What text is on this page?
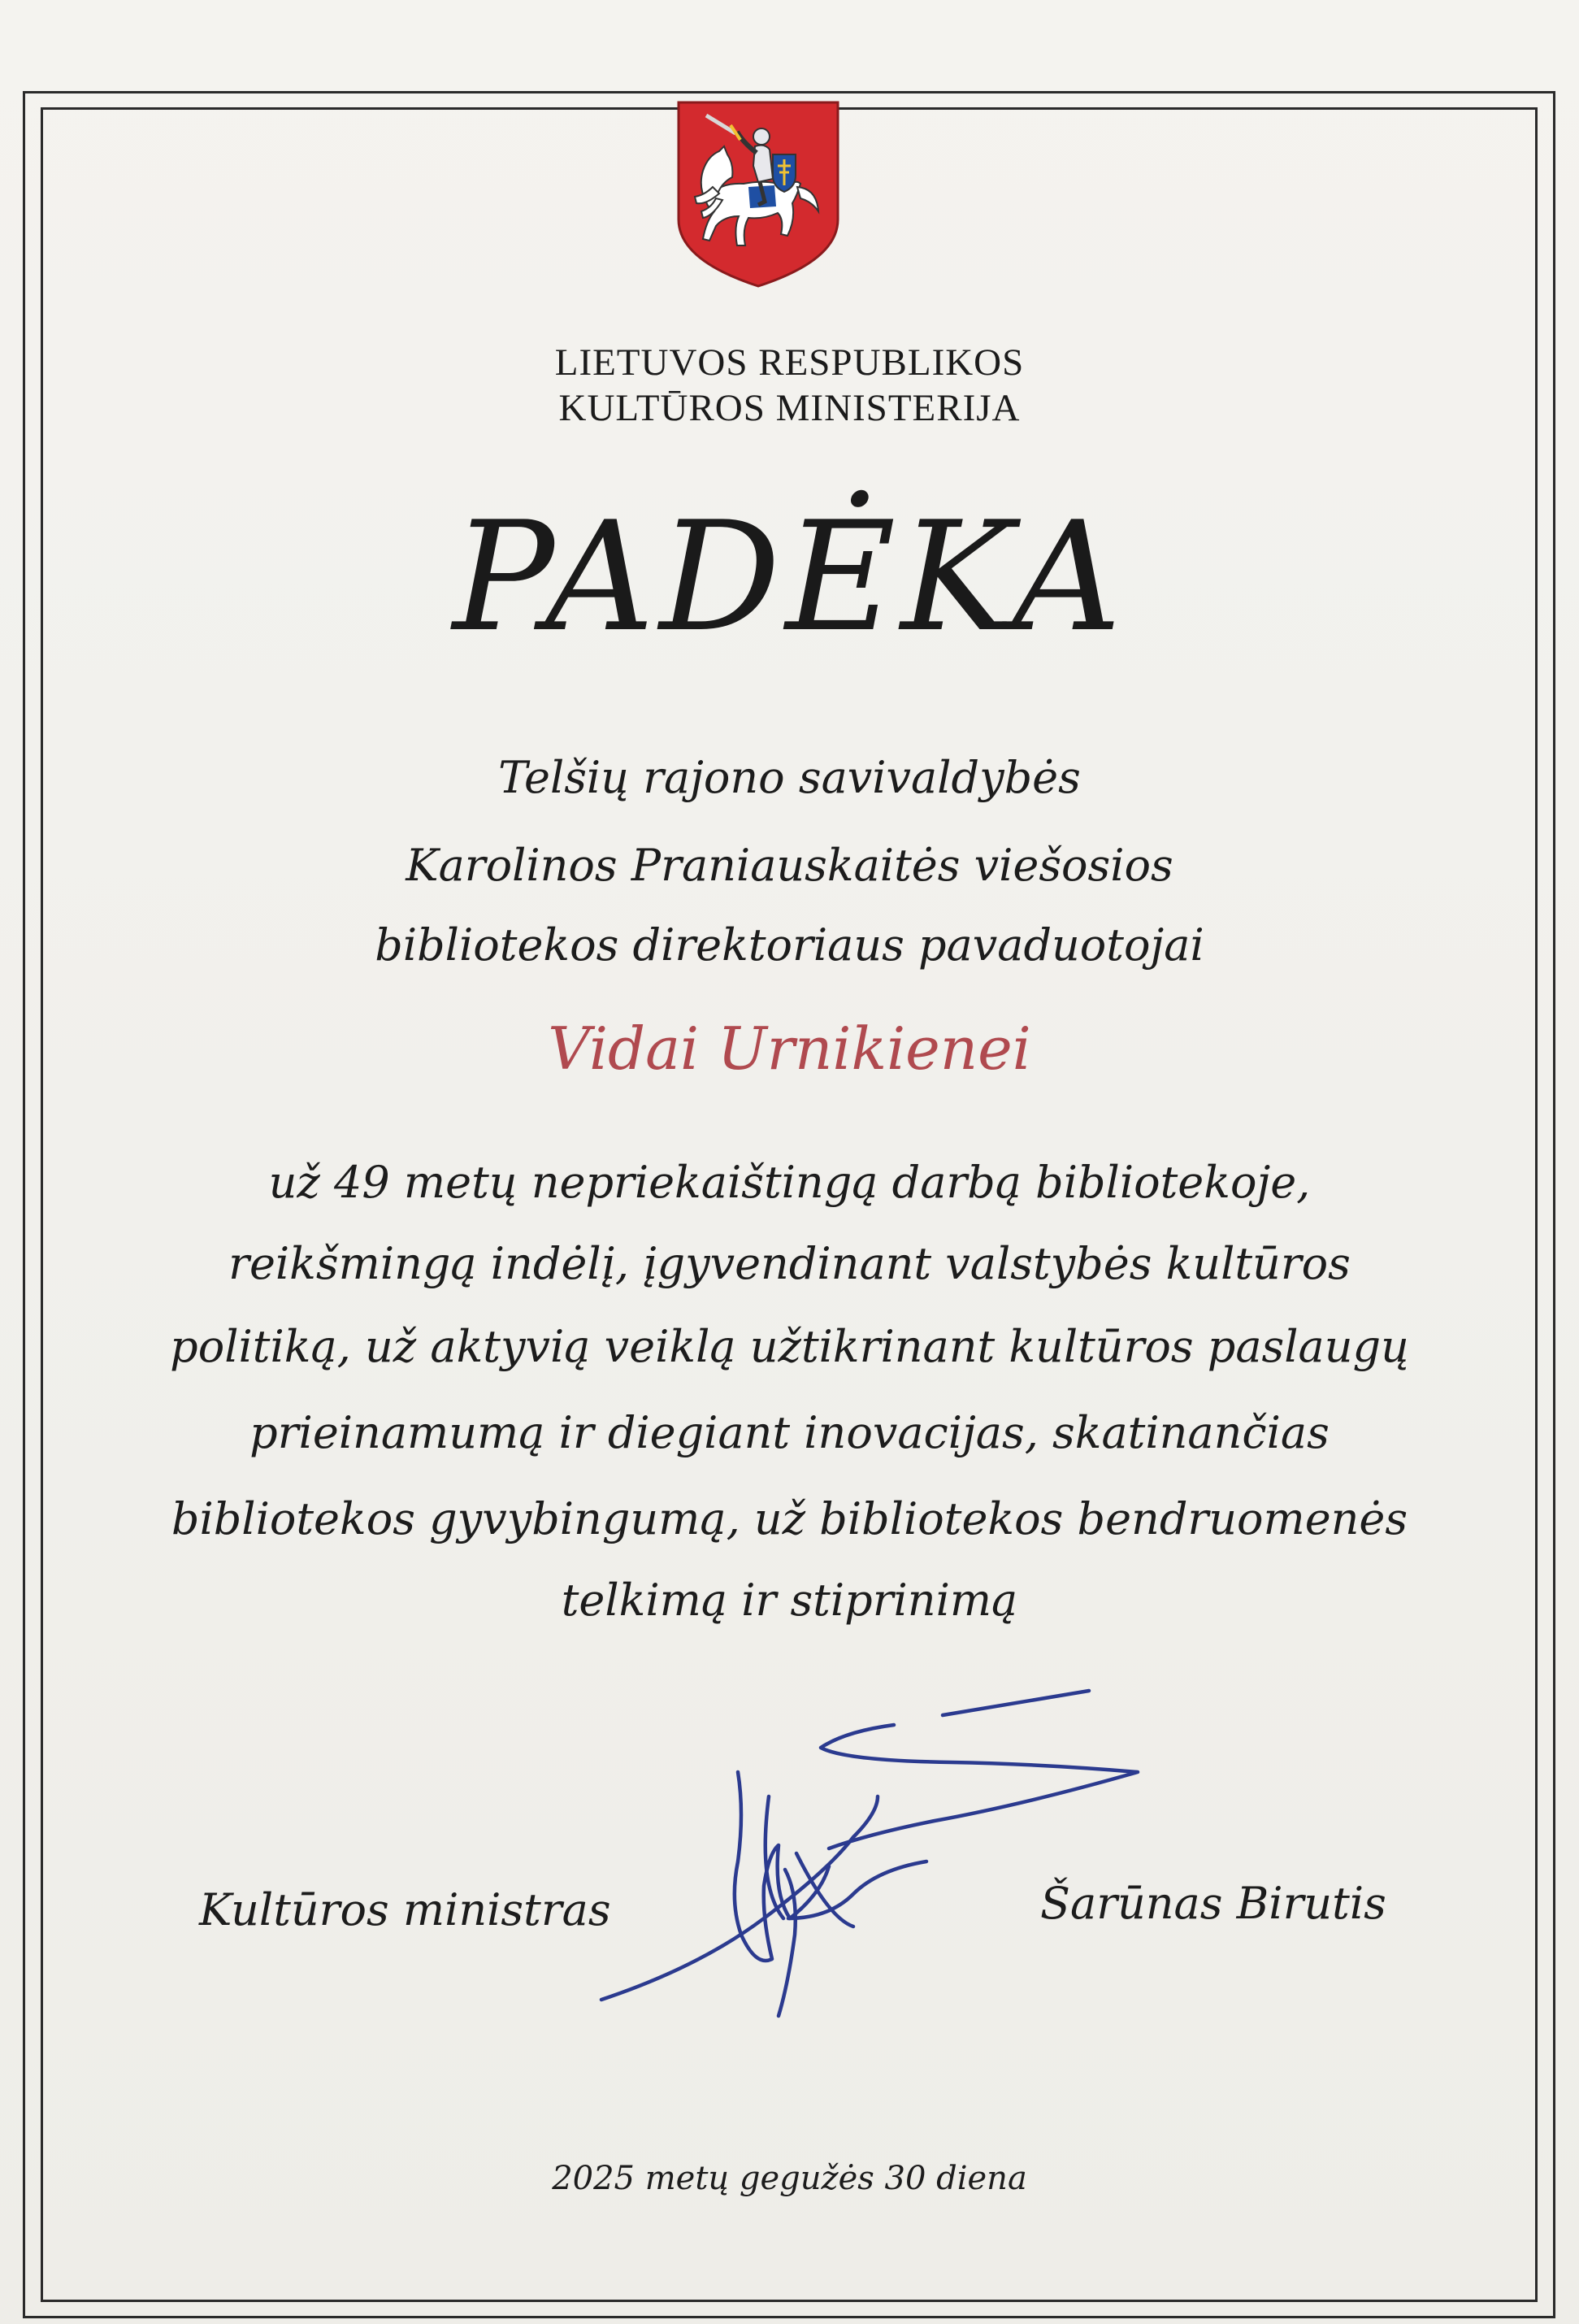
LIETUVOS RESPUBLIKOS
KULTŪROS MINISTERIJA
PADĖKA
Telšių rajono savivaldybės
Karolinos Praniauskaitės viešosios
bibliotekos direktoriaus pavaduotojai
Vidai Urnikienei
už 49 metų nepriekaištingą darbą bibliotekoje,
reikšmingą indėlį, įgyvendinant valstybės kultūros
politiką, už aktyvią veiklą užtikrinant kultūros paslaugų
prieinamumą ir diegiant inovacijas, skatinančias
bibliotekos gyvybingumą, už bibliotekos bendruomenės
telkimą ir stiprinimą
Kultūros ministras	Šarūnas Birutis
2025 metų gegužės 30 diena
